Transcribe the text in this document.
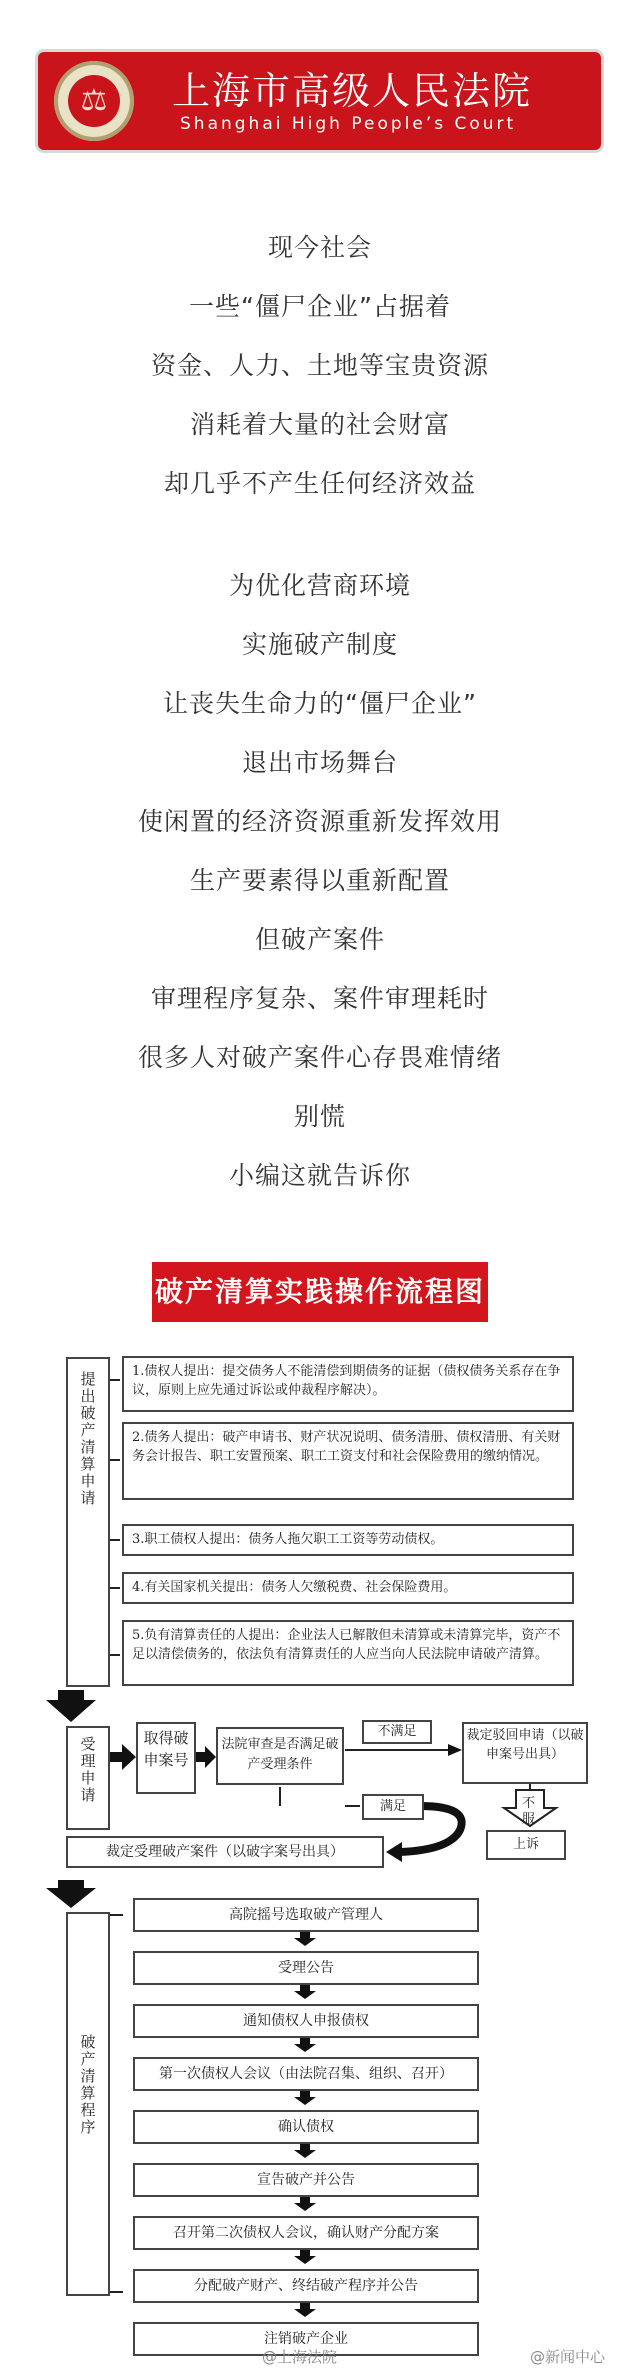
⚖	上海市高级人民法院
Shanghai High People’s Court
现今社会
一些“僵尸企业”占据着
资金、人力、土地等宝贵资源
消耗着大量的社会财富
却几乎不产生任何经济效益
为优化营商环境
实施破产制度
让丧失生命力的“僵尸企业”
退出市场舞台
使闲置的经济资源重新发挥效用
生产要素得以重新配置
但破产案件
审理程序复杂、案件审理耗时
很多人对破产案件心存畏难情绪
别慌
小编这就告诉你
破产清算实践操作流程图
提出破产清算申请	1.债权人提出：提交债务人不能清偿到期债务的证据（债权债务关系存在争议，原则上应先通过诉讼或仲裁程序解决）。
2.债务人提出：破产申请书、财产状况说明、债务清册、债权清册、有关财务会计报告、职工安置预案、职工工资支付和社会保险费用的缴纳情况。
3.职工债权人提出：债务人拖欠职工工资等劳动债权。
4.有关国家机关提出：债务人欠缴税费、社会保险费用。
5.负有清算责任的人提出：企业法人已解散但未清算或未清算完毕，资产不足以清偿债务的，依法负有清算责任的人应当向人民法院申请破产清算。
受理申请	取得破申案号
法院审查是否满足破产受理条件
不满足	裁定驳回申请（以破申案号出具）
满足	不服
上诉
裁定受理破产案件（以破字案号出具）
破产清算程序
高院摇号选取破产管理人
受理公告
通知债权人申报债权
第一次债权人会议（由法院召集、组织、召开）
确认债权
宣告破产并公告
召开第二次债权人会议，确认财产分配方案
分配破产财产、终结破产程序并公告
注销破产企业
@上海法院	@新闻中心
